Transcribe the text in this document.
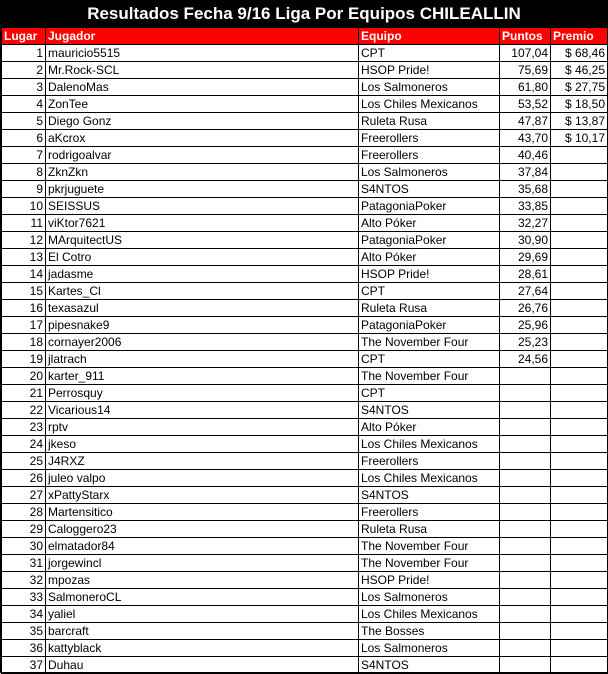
Resultados Fecha 9/16 Liga Por Equipos CHILEALLIN
Lugar	Jugador	Equipo	Puntos	Premio
1	mauricio5515	CPT	107,04	$ 68,46
2	Mr.Rock-SCL	HSOP Pride!	75,69	$ 46,25
3	DalenoMas	Los Salmoneros	61,80	$ 27,75
4	ZonTee	Los Chiles Mexicanos	53,52	$ 18,50
5	Diego Gonz	Ruleta Rusa	47,87	$ 13,87
6	aKcrox	Freerollers	43,70	$ 10,17
7	rodrigoalvar	Freerollers	40,46	
8	ZknZkn	Los Salmoneros	37,84	
9	pkrjuguete	S4NTOS	35,68	
10	SEISSUS	PatagoniaPoker	33,85	
11	viKtor7621	Alto Póker	32,27	
12	MArquitectUS	PatagoniaPoker	30,90	
13	El Cotro	Alto Póker	29,69	
14	jadasme	HSOP Pride!	28,61	
15	Kartes_Cl	CPT	27,64	
16	texasazul	Ruleta Rusa	26,76	
17	pipesnake9	PatagoniaPoker	25,96	
18	cornayer2006	The November Four	25,23	
19	jlatrach	CPT	24,56	
20	karter_911	The November Four		
21	Perrosquy	CPT		
22	Vicarious14	S4NTOS		
23	rptv	Alto Póker		
24	jkeso	Los Chiles Mexicanos		
25	J4RXZ	Freerollers		
26	juleo valpo	Los Chiles Mexicanos		
27	xPattyStarx	S4NTOS		
28	Martensitico	Freerollers		
29	Caloggero23	Ruleta Rusa		
30	elmatador84	The November Four		
31	jorgewincl	The November Four		
32	mpozas	HSOP Pride!		
33	SalmoneroCL	Los Salmoneros		
34	yaliel	Los Chiles Mexicanos		
35	barcraft	The Bosses		
36	kattyblack	Los Salmoneros		
37	Duhau	S4NTOS		
